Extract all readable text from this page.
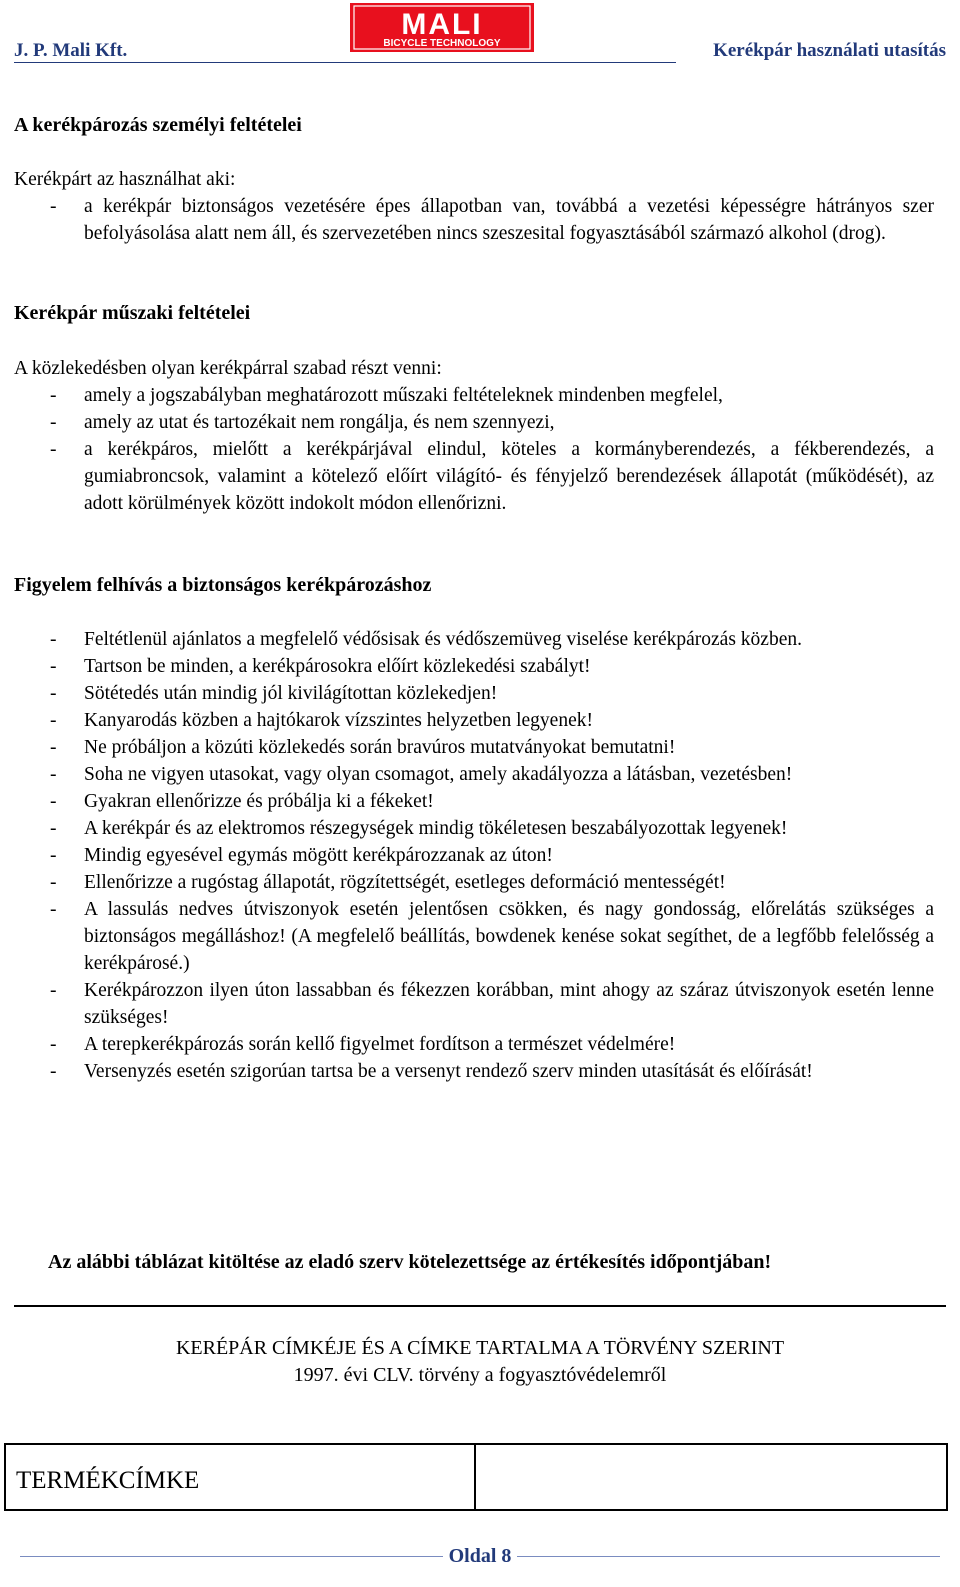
J. P. Mali Kft.	Kerékpár használati utasítás
MALI
BICYCLE TECHNOLOGY
A kerékpározás személyi feltételei
Kerékpárt az használhat aki:
- a kerékpár biztonságos vezetésére épes állapotban van, továbbá a vezetési képességre hátrányos szer befolyásolása alatt nem áll, és szervezetében nincs szeszesital fogyasztásából származó alkohol (drog).
Kerékpár műszaki feltételei
A közlekedésben olyan kerékpárral szabad részt venni:
- amely a jogszabályban meghatározott műszaki feltételeknek mindenben megfelel,
- amely az utat és tartozékait nem rongálja, és nem szennyezi,
- a kerékpáros, mielőtt a kerékpárjával elindul, köteles a kormányberendezés, a fékberendezés, a gumiabroncsok, valamint a kötelező előírt világító- és fényjelző berendezések állapotát (működését), az adott körülmények között indokolt módon ellenőrizni.
Figyelem felhívás a biztonságos kerékpározáshoz
- Feltétlenül ajánlatos a megfelelő védősisak és védőszemüveg viselése kerékpározás közben.
- Tartson be minden, a kerékpárosokra előírt közlekedési szabályt!
- Sötétedés után mindig jól kivilágítottan közlekedjen!
- Kanyarodás közben a hajtókarok vízszintes helyzetben legyenek!
- Ne próbáljon a közúti közlekedés során bravúros mutatványokat bemutatni!
- Soha ne vigyen utasokat, vagy olyan csomagot, amely akadályozza a látásban, vezetésben!
- Gyakran ellenőrizze és próbálja ki a fékeket!
- A kerékpár és az elektromos részegységek mindig tökéletesen beszabályozottak legyenek!
- Mindig egyesével egymás mögött kerékpározzanak az úton!
- Ellenőrizze a rugóstag állapotát, rögzítettségét, esetleges deformáció mentességét!
- A lassulás nedves útviszonyok esetén jelentősen csökken, és nagy gondosság, előrelátás szükséges a biztonságos megálláshoz! (A megfelelő beállítás, bowdenek kenése sokat segíthet, de a legfőbb felelősség a kerékpárosé.)
- Kerékpározzon ilyen úton lassabban és fékezzen korábban, mint ahogy az száraz útviszonyok esetén lenne szükséges!
- A terepkerékpározás során kellő figyelmet fordítson a természet védelmére!
- Versenyzés esetén szigorúan tartsa be a versenyt rendező szerv minden utasítását és előírását!
Az alábbi táblázat kitöltése az eladó szerv kötelezettsége az értékesítés időpontjában!
KERÉPÁR CÍMKÉJE ÉS A CÍMKE TARTALMA A TÖRVÉNY SZERINT
1997. évi CLV. törvény a fogyasztóvédelemről
TERMÉKCÍMKE
Oldal 8
